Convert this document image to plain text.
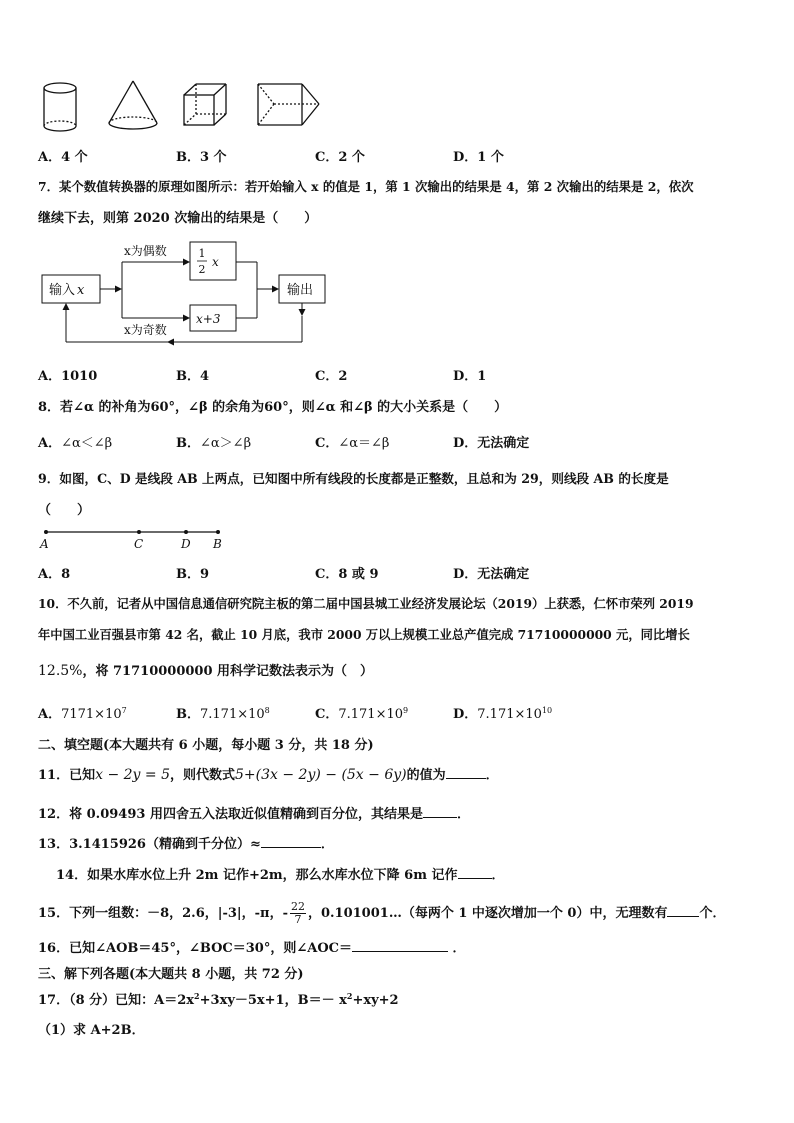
A．4 个	B．3 个	C．2 个	D．1 个
7．某个数值转换器的原理如图所示：若开始输入 x 的值是 1，第 1 次输出的结果是 4，第 2 次输出的结果是 2，依次
继续下去，则第 2020 次输出的结果是（　　）
输入 x
x为偶数
x为奇数
1
2
x
x+3
输出
A．1010	B．4	C．2	D．1
8．若∠α 的补角为60°，∠β 的余角为60°，则∠α 和∠β 的大小关系是（　　）
A．∠α＜∠β	B．∠α＞∠β	C．∠α＝∠β	D．无法确定
9．如图，C、D 是线段 AB 上两点，已知图中所有线段的长度都是正整数，且总和为 29，则线段 AB 的长度是
（　　）
A	C	D B
A．8	B．9	C．8 或 9	D．无法确定
10．不久前，记者从中国信息通信研究院主板的第二届中国县城工业经济发展论坛（2019）上获悉，仁怀市荣列 2019
年中国工业百强县市第 42 名，截止 10 月底，我市 2000 万以上规模工业总产值完成 71710000000 元，同比增长
12.5%，将 71710000000 用科学记数法表示为（　）
A．$7171\times 10^7$	B．$7.171\times 10^8$	C．$7.171\times 10^9$	D．$7.171\times 10^{10}$
二、填空题(本大题共有 6 小题，每小题 3 分，共 18 分)
11．已知x − 2y = 5，则代数式5+(3x − 2y) − (5x − 6y)的值为	．
12．将 0.09493 用四舍五入法取近似值精确到百分位，其结果是	．
13．3.1415926（精确到千分位）≈	．
14．如果水库水位上升 2m 记作+2m，那么水库水位下降 6m 记作	．
15．下列一组数：－8，2.6，|-3|，-π，- $\frac{22}{7}$ ，0.101001…（每两个 1 中逐次增加一个 0）中，无理数有 个．
16．已知∠AOB＝45°，∠BOC＝30°，则∠AOC＝	．
三、解下列各题(本大题共 8 小题，共 72 分)
17．（8 分）已知：$A=2x^2+3xy-5x+1$，$B=- x^2+xy+2$
（1）求 A+2B．
